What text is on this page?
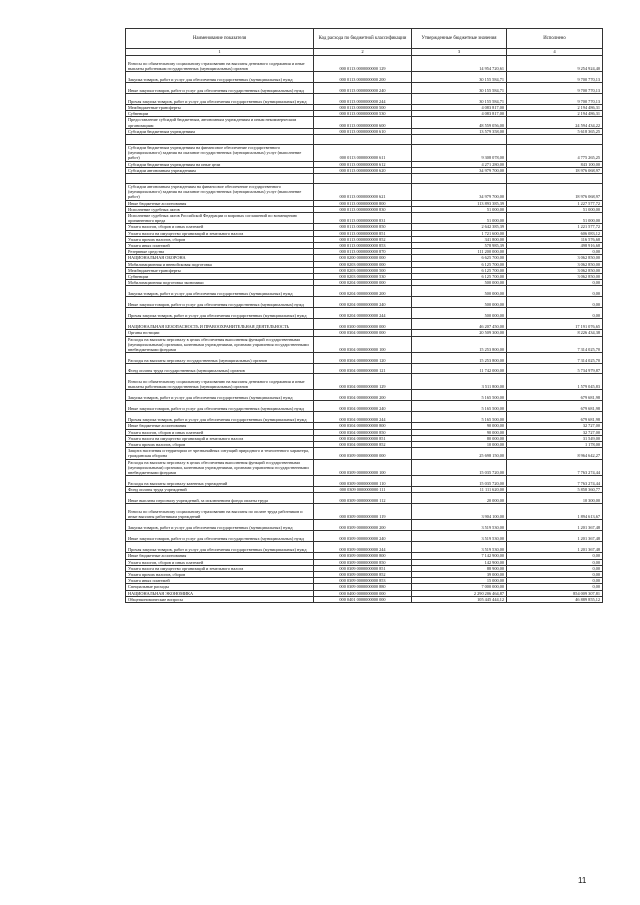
Наименование показателя	Код расхода по бюджетной классификации	Утвержденные бюджетные значения	Исполнено
1	2	3	4
Взносы по обязательному социальному страхованию на выплаты денежного содержания и иные выплаты работникам государственных (муниципальных) органов	000 0113 0000000000 129	14 954 720,61	9 254 924,40
Закупка товаров, работ и услуг для обеспечения государственных (муниципальных) нужд	000 0113 0000000000 200	30 155 584,71	9 700 770,13
Иные закупки товаров, работ и услуг для обеспечения государственных (муниципальных) нужд	000 0113 0000000000 240	30 155 584,71	9 700 770,13
Прочая закупка товаров, работ и услуг для обеспечения государственных (муниципальных) нужд	000 0113 0000000000 244	30 155 584,71	9 700 770,13
Межбюджетные трансферты	000 0113 0000000000 500	4 083 817,00	2 194 486,31
Субвенции	000 0113 0000000000 530	4 083 817,00	2 194 486,31
Предоставление субсидий бюджетным, автономным учреждениям и иным некоммерческим организациям	000 0113 0000000000 600	48 559 056,00	24 594 434,22
Субсидии бюджетным учреждениям	000 0113 0000000000 610	13 579 358,00	5 618 365,25

Субсидии бюджетным учреждениям на финансовое обеспечение государственного (муниципального) задания на оказание государственных (муниципальных) услуг (выполнение работ)	000 0113 0000000000 611	9 308 078,00	4 775 265,25
Субсидии бюджетным учреждениям на иные цели	000 0113 0000000000 612	4 271 280,00	843 100,00
Субсидии автономным учреждениям	000 0113 0000000000 620	34 979 700,00	18 976 068,97

Субсидии автономным учреждениям на финансовое обеспечение государственного (муниципального) задания на оказание государственных (муниципальных) услуг (выполнение работ)	000 0113 0000000000 621	34 979 700,00	18 976 068,97
Иные бюджетные ассигнования	000 0113 0000000000 800	113 893 385,39	1 227 577,72
Исполнение судебных актов	000 0113 0000000000 830	51 000,00	51 000,00
Исполнение судебных актов Российской Федерации и мировых соглашений по возмещению причиненного вреда	000 0113 0000000000 831	51 000,00	51 000,00
Уплата налогов, сборов и иных платежей	000 0113 0000000000 850	2 642 385,39	1 221 577,72
Уплата налога на имущество организаций и земельного налога	000 0113 0000000000 851	1 721 600,00	606 083,12
Уплата прочих налогов, сборов	000 0113 0000000000 852	341 800,00	116 576,68
Уплата иных платежей	000 0113 0000000000 853	578 985,39	498 916,68
Резервные средства	000 0113 0000000000 870	111 200 000,00	0,00
НАЦИОНАЛЬНАЯ ОБОРОНА	000 0200 0000000000 000	6 625 700,00	3 062 850,00
Мобилизационная и вневойсковая подготовка	000 0203 0000000000 000	6 125 700,00	3 062 850,00
Межбюджетные трансферты	000 0203 0000000000 500	6 125 700,00	3 062 850,00
Субвенции	000 0203 0000000000 530	6 125 700,00	3 062 850,00
Мобилизационная подготовка экономики	000 0204 0000000000 000	500 000,00	0,00
Закупка товаров, работ и услуг для обеспечения государственных (муниципальных) нужд	000 0204 0000000000 200	500 000,00	0,00
Иные закупки товаров, работ и услуг для обеспечения государственных (муниципальных) нужд	000 0204 0000000000 240	500 000,00	0,00
Прочая закупка товаров, работ и услуг для обеспечения государственных (муниципальных) нужд	000 0204 0000000000 244	500 000,00	0,00
НАЦИОНАЛЬНАЯ БЕЗОПАСНОСТЬ И ПРАВООХРАНИТЕЛЬНАЯ ДЕЯТЕЛЬНОСТЬ	000 0300 0000000000 000	46 207 450,00	17 191 076,65
Органы юстиции	000 0304 0000000000 000	20 509 300,00	8 226 434,38
Расходы на выплаты персоналу в целях обеспечения выполнения функций государственными (муниципальными) органами, казенными учреждениями, органами управления государственными внебюджетными фондами	000 0304 0000000000 100	15 253 800,00	7 314 025,70
Расходы на выплаты персоналу государственных (муниципальных) органов	000 0304 0000000000 120	15 253 800,00	7 314 025,70
Фонд оплаты труда государственных (муниципальных) органов	000 0304 0000000000 121	11 742 000,00	5 734 979,87
Взносы по обязательному социальному страхованию на выплаты денежного содержания и иные выплаты работникам государственных (муниципальных) органов	000 0304 0000000000 129	3 511 800,00	1 579 045,83
Закупка товаров, работ и услуг для обеспечения государственных (муниципальных) нужд	000 0304 0000000000 200	5 165 500,00	679 681,98
Иные закупки товаров, работ и услуг для обеспечения государственных (муниципальных) нужд	000 0304 0000000000 240	5 165 500,00	679 681,98
Прочая закупка товаров, работ и услуг для обеспечения государственных (муниципальных) нужд	000 0304 0000000000 244	5 165 500,00	679 681,98
Иные бюджетные ассигнования	000 0304 0000000000 800	90 000,00	32 727,00
Уплата налогов, сборов и иных платежей	000 0304 0000000000 850	90 000,00	32 727,00
Уплата налога на имущество организаций и земельного налога	000 0304 0000000000 851	80 000,00	31 549,00
Уплата прочих налогов, сборов	000 0304 0000000000 852	10 000,00	1 178,00
Защита населения и территории от чрезвычайных ситуаций природного и техногенного характера, гражданская оборона	000 0309 0000000000 000	25 698 150,00	8 964 642,27
Расходы на выплаты персоналу в целях обеспечения выполнения функций государственными (муниципальными) органами, казенными учреждениями, органами управления государственными внебюджетными фондами	000 0309 0000000000 100	15 035 720,00	7 763 274,44
Расходы на выплаты персоналу казенных учреждений	000 0309 0000000000 110	15 035 720,00	7 763 274,44
Фонд оплаты труда учреждений	000 0309 0000000000 111	11 111 620,00	5 858 360,77
Иные выплаты персоналу учреждений, за исключением фонда оплаты труда	000 0309 0000000000 112	20 000,00	10 300,00
Взносы по обязательному социальному страхованию на выплаты по оплате труда работников и иные выплаты работникам учреждений	000 0309 0000000000 119	3 904 100,00	1 894 613,67
Закупка товаров, работ и услуг для обеспечения государственных (муниципальных) нужд	000 0309 0000000000 200	3 519 530,00	1 201 367,48
Иные закупки товаров, работ и услуг для обеспечения государственных (муниципальных) нужд	000 0309 0000000000 240	3 519 530,00	1 201 367,48
Прочая закупка товаров, работ и услуг для обеспечения государственных (муниципальных) нужд	000 0309 0000000000 244	3 519 530,00	1 201 367,48
Иные бюджетные ассигнования	000 0309 0000000000 800	7 142 900,00	0,00
Уплата налогов, сборов и иных платежей	000 0309 0000000000 850	142 900,00	0,00
Уплата налога на имущество организаций и земельного налога	000 0309 0000000000 851	88 900,00	0,00
Уплата прочих налогов, сборов	000 0309 0000000000 852	39 000,00	0,00
Уплата иных платежей	000 0309 0000000000 853	15 000,00	0,00
Специальные расходы	000 0309 0000000000 880	7 000 000,00	0,00
НАЦИОНАЛЬНАЯ ЭКОНОМИКА	000 0400 0000000000 000	2 290 206 464,87	854 009 307,81
Общеэкономические вопросы	000 0401 0000000000 000	105 445 444,12	46 889 855,12
11
